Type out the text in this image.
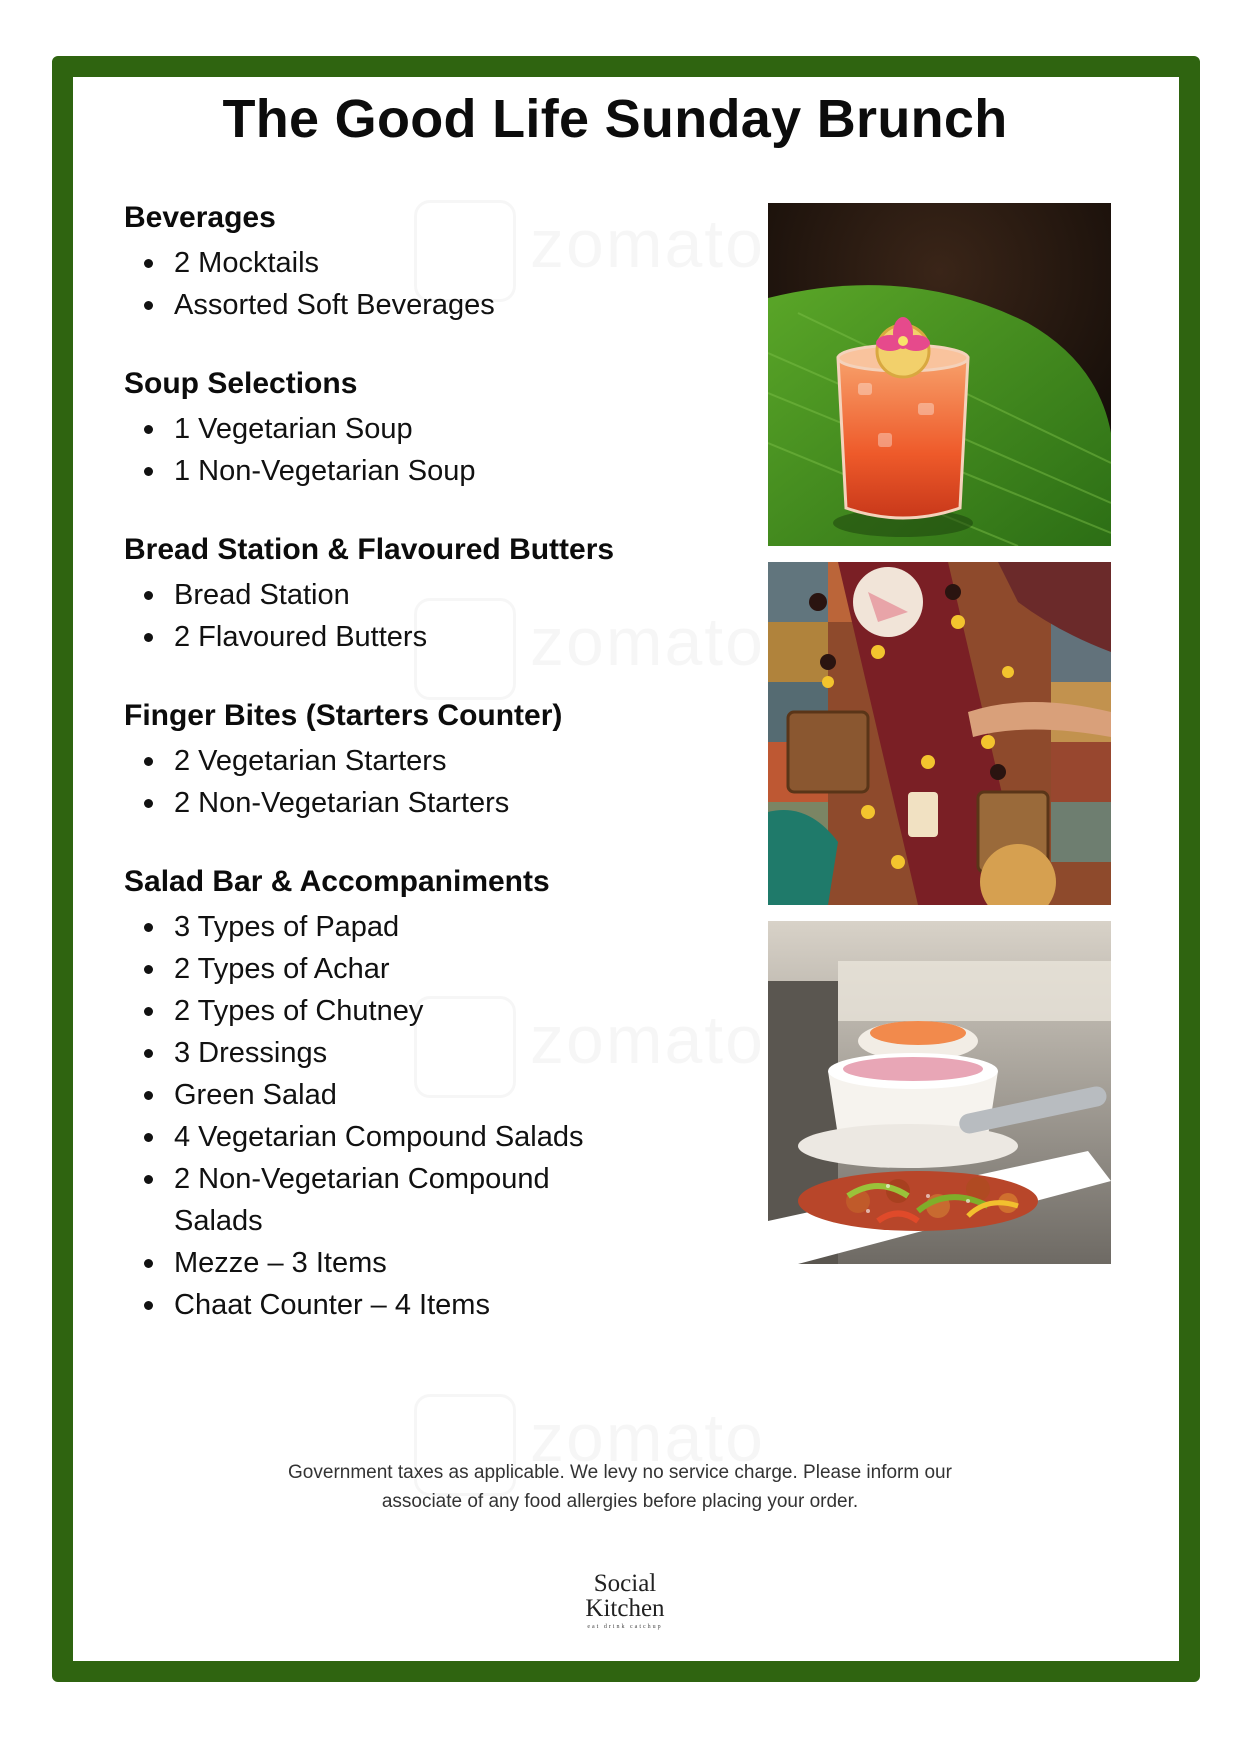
The Good Life Sunday Brunch
Beverages
2 Mocktails
Assorted Soft Beverages
Soup Selections
1 Vegetarian Soup
1 Non-Vegetarian Soup
Bread Station & Flavoured Butters
Bread Station
2 Flavoured Butters
Finger Bites (Starters Counter)
2 Vegetarian Starters
2 Non-Vegetarian Starters
Salad Bar & Accompaniments
3 Types of Papad
2 Types of Achar
2 Types of Chutney
3 Dressings
Green Salad
4 Vegetarian Compound Salads
2 Non-Vegetarian Compound Salads
Mezze – 3 Items
Chaat Counter – 4 Items
Government taxes as applicable. We levy no service charge. Please inform our
associate of any food allergies before placing your order.
Social
Kitchen
eat drink catchup
